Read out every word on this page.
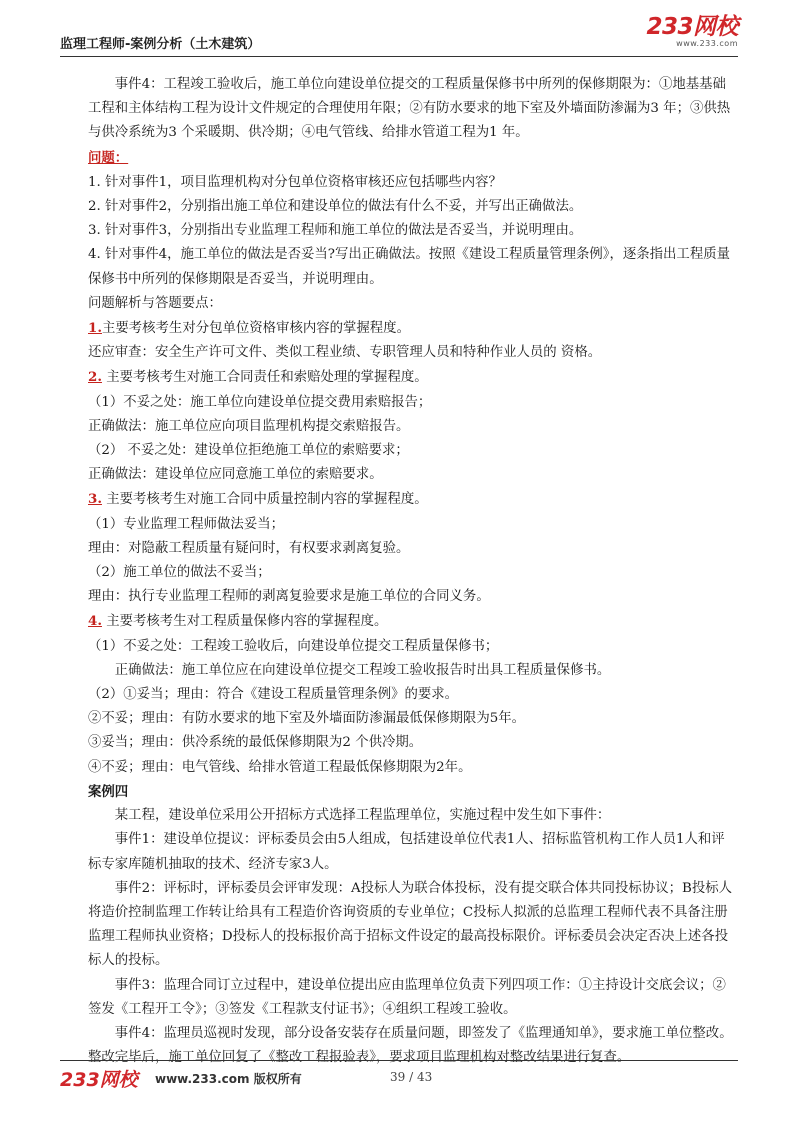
监理工程师-案例分析（土木建筑）
233网校
www.233.com

事件4：工程竣工验收后，施工单位向建设单位提交的工程质量保修书中所列的保修期限为：①地基基础工程和主体结构工程为设计文件规定的合理使用年限；②有防水要求的地下室及外墙面防渗漏为3 年；③供热与供冷系统为3 个采暖期、供冷期；④电气管线、给排水管道工程为1 年。

问题：

1. 针对事件1，项目监理机构对分包单位资格审核还应包括哪些内容？

2. 针对事件2，分别指出施工单位和建设单位的做法有什么不妥，并写出正确做法。

3. 针对事件3，分别指出专业监理工程师和施工单位的做法是否妥当，并说明理由。

4. 针对事件4，施工单位的做法是否妥当?写出正确做法。按照《建设工程质量管理条例》，逐条指出工程质量保修书中所列的保修期限是否妥当，并说明理由。

问题解析与答题要点：

1.主要考核考生对分包单位资格审核内容的掌握程度。

还应审查：安全生产许可文件、类似工程业绩、专职管理人员和特种作业人员的 资格。

2. 主要考核考生对施工合同责任和索赔处理的掌握程度。

（1）不妥之处：施工单位向建设单位提交费用索赔报告；

正确做法：施工单位应向项目监理机构提交索赔报告。

（2） 不妥之处：建设单位拒绝施工单位的索赔要求；

正确做法：建设单位应同意施工单位的索赔要求。

3. 主要考核考生对施工合同中质量控制内容的掌握程度。

（1）专业监理工程师做法妥当；

理由：对隐蔽工程质量有疑问时，有权要求剥离复验。

（2）施工单位的做法不妥当；

理由：执行专业监理工程师的剥离复验要求是施工单位的合同义务。

4. 主要考核考生对工程质量保修内容的掌握程度。

（1）不妥之处：工程竣工验收后，向建设单位提交工程质量保修书；

正确做法：施工单位应在向建设单位提交工程竣工验收报告时出具工程质量保修书。

（2）①妥当；理由：符合《建设工程质量管理条例》的要求。

②不妥；理由：有防水要求的地下室及外墙面防渗漏最低保修期限为5年。

③妥当；理由：供冷系统的最低保修期限为2 个供冷期。

④不妥；理由：电气管线、给排水管道工程最低保修期限为2年。

案例四

某工程，建设单位采用公开招标方式选择工程监理单位，实施过程中发生如下事件：

事件1：建设单位提议：评标委员会由5人组成，包括建设单位代表1人、招标监管机构工作人员1人和评标专家库随机抽取的技术、经济专家3人。

事件2：评标时，评标委员会评审发现：A投标人为联合体投标，没有提交联合体共同投标协议；B投标人将造价控制监理工作转让给具有工程造价咨询资质的专业单位；C投标人拟派的总监理工程师代表不具备注册监理工程师执业资格；D投标人的投标报价高于招标文件设定的最高投标限价。评标委员会决定否决上述各投标人的投标。

事件3：监理合同订立过程中，建设单位提出应由监理单位负责下列四项工作：①主持设计交底会议；②签发《工程开工令》；③签发《工程款支付证书》；④组织工程竣工验收。

事件4：监理员巡视时发现，部分设备安装存在质量问题，即签发了《监理通知单》，要求施工单位整改。整改完毕后，施工单位回复了《整改工程报验表》，要求项目监理机构对整改结果进行复查。

233网校 www.233.com 版权所有	39 / 43
